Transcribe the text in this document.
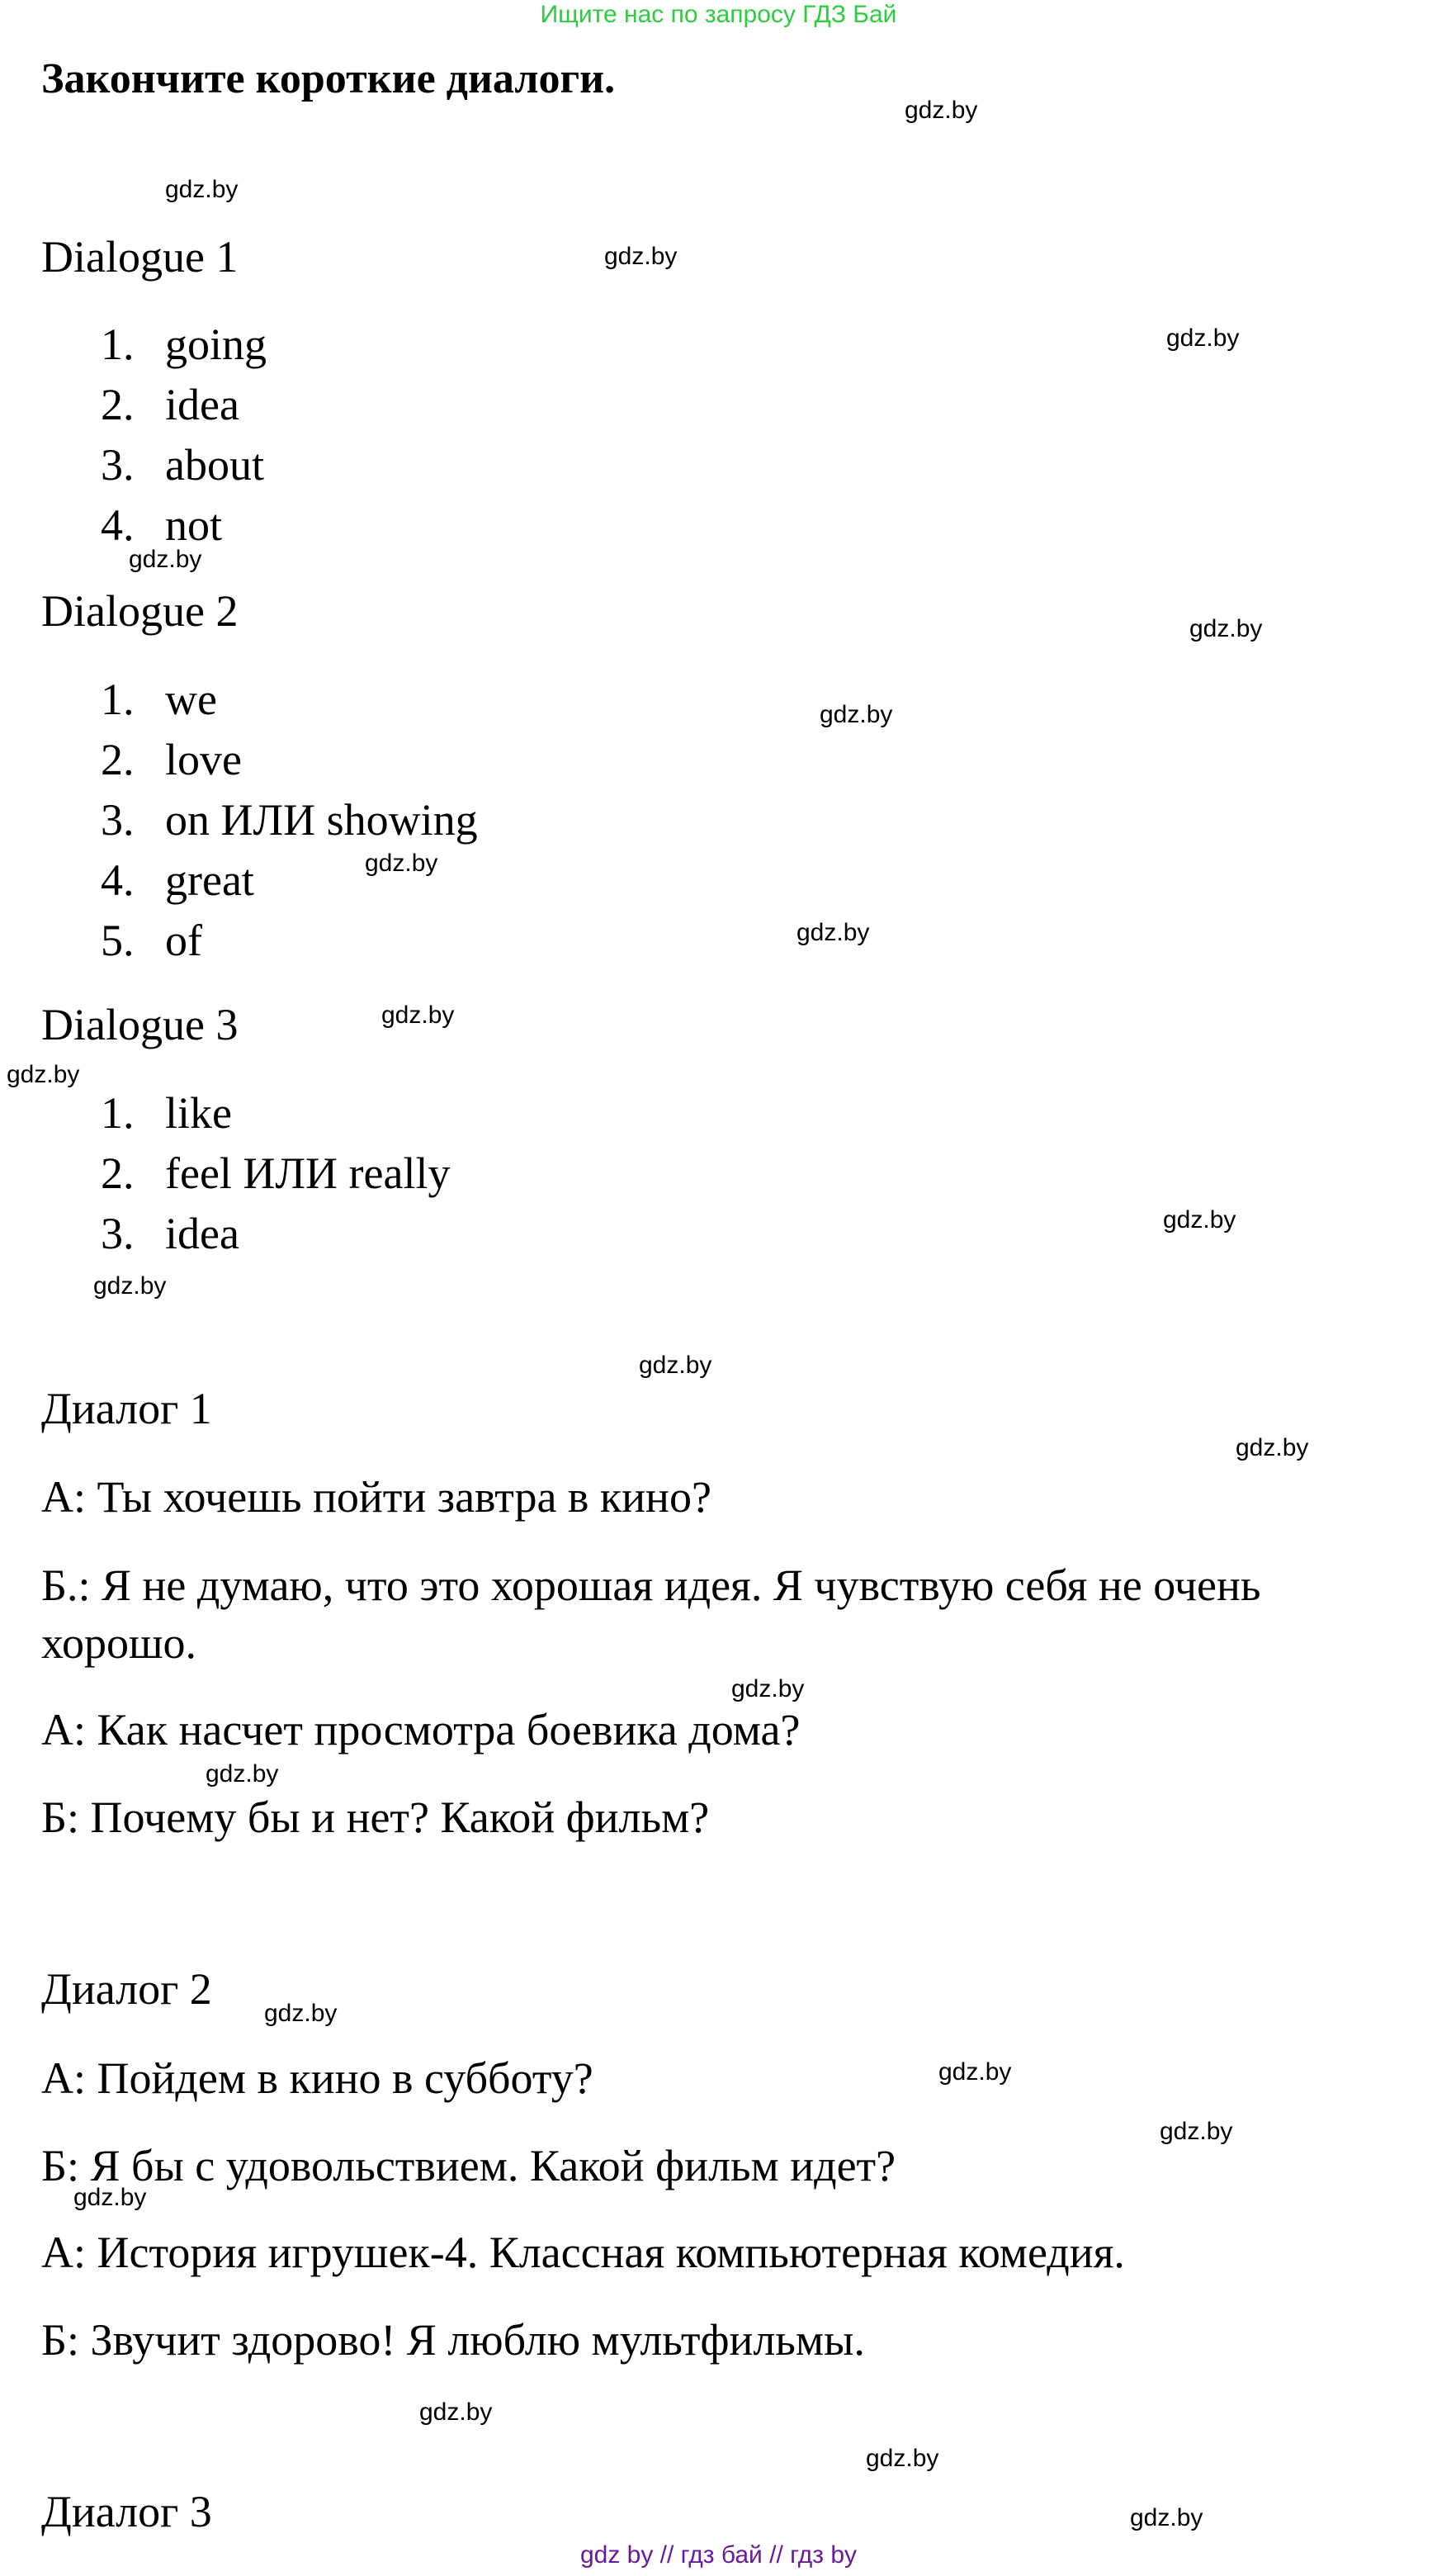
Ищите нас по запросу ГДЗ Бай
Закончите короткие диалоги.
Dialogue 1
1. going
2. idea
3. about
4. not
Dialogue 2
1. we
2. love
3. on ИЛИ showing
4. great
5. of
Dialogue 3
1. like
2. feel ИЛИ really
3. idea
Диалог 1

А: Ты хочешь пойти завтра в кино?

Б.: Я не думаю, что это хорошая идея. Я чувствую себя не очень хорошо.

А: Как насчет просмотра боевика дома?

Б: Почему бы и нет? Какой фильм?

Диалог 2

А: Пойдем в кино в субботу?

Б: Я бы с удовольствием. Какой фильм идет?

А: История игрушек-4. Классная компьютерная комедия.

Б: Звучит здорово! Я люблю мультфильмы.

Диалог 3
gdz.by
gdz.by
gdz.by
gdz.by
gdz.by
gdz.by
gdz.by
gdz.by
gdz.by
gdz.by
gdz.by
gdz.by
gdz.by
gdz.by
gdz.by
gdz.by
gdz.by
gdz.by
gdz.by
gdz.by
gdz.by
gdz.by
gdz.by
gdz.by
gdz by // гдз бай // гдз by
